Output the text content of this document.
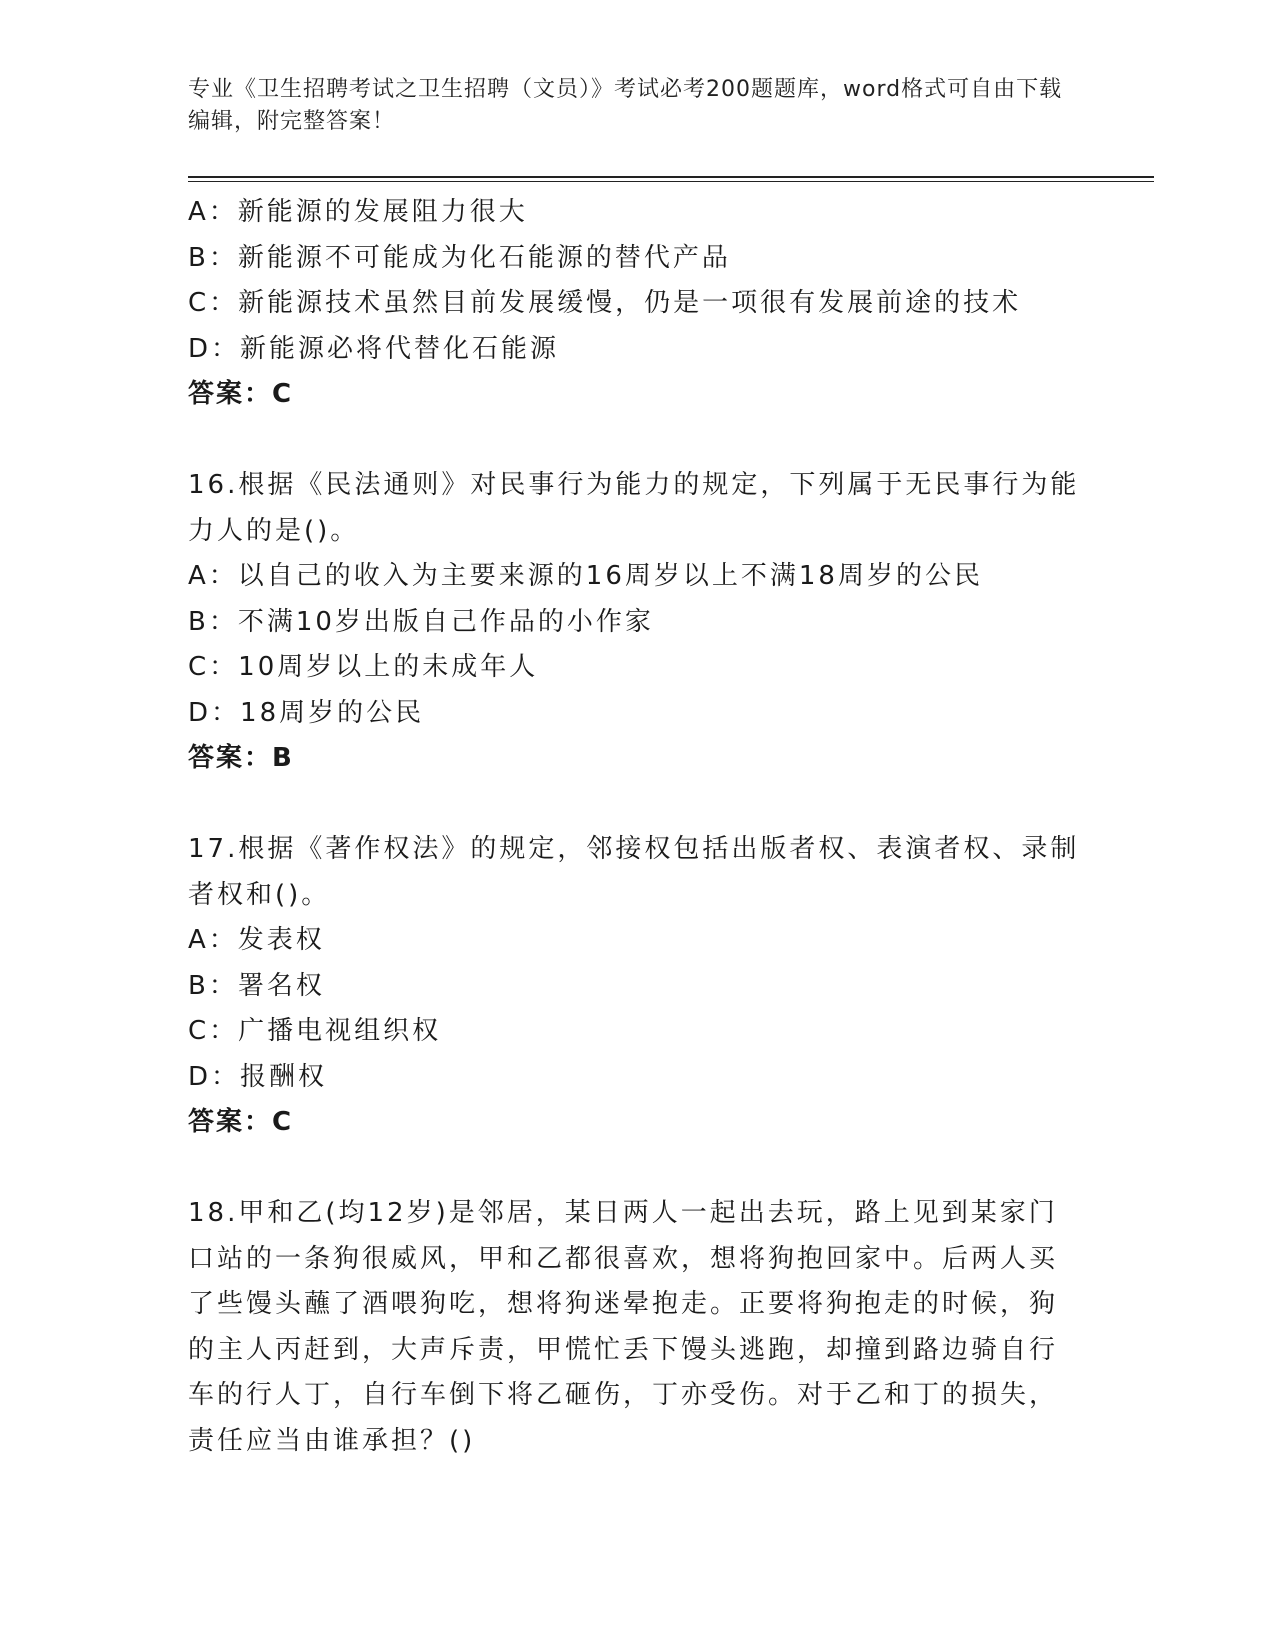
专业《卫生招聘考试之卫生招聘（文员）》考试必考200题题库，word格式可自由下载编辑，附完整答案！
A：新能源的发展阻力很大
B：新能源不可能成为化石能源的替代产品
C：新能源技术虽然目前发展缓慢，仍是一项很有发展前途的技术
D：新能源必将代替化石能源
答案：C
16.根据《民法通则》对民事行为能力的规定，下列属于无民事行为能
力人的是()。
A：以自己的收入为主要来源的16周岁以上不满18周岁的公民
B：不满10岁出版自己作品的小作家
C：10周岁以上的未成年人
D：18周岁的公民
答案：B
17.根据《著作权法》的规定，邻接权包括出版者权、表演者权、录制
者权和()。
A：发表权
B：署名权
C：广播电视组织权
D：报酬权
答案：C
18.甲和乙(均12岁)是邻居，某日两人一起出去玩，路上见到某家门
口站的一条狗很威风，甲和乙都很喜欢，想将狗抱回家中。后两人买
了些馒头蘸了酒喂狗吃，想将狗迷晕抱走。正要将狗抱走的时候，狗
的主人丙赶到，大声斥责，甲慌忙丢下馒头逃跑，却撞到路边骑自行
车的行人丁，自行车倒下将乙砸伤，丁亦受伤。对于乙和丁的损失，
责任应当由谁承担？()
